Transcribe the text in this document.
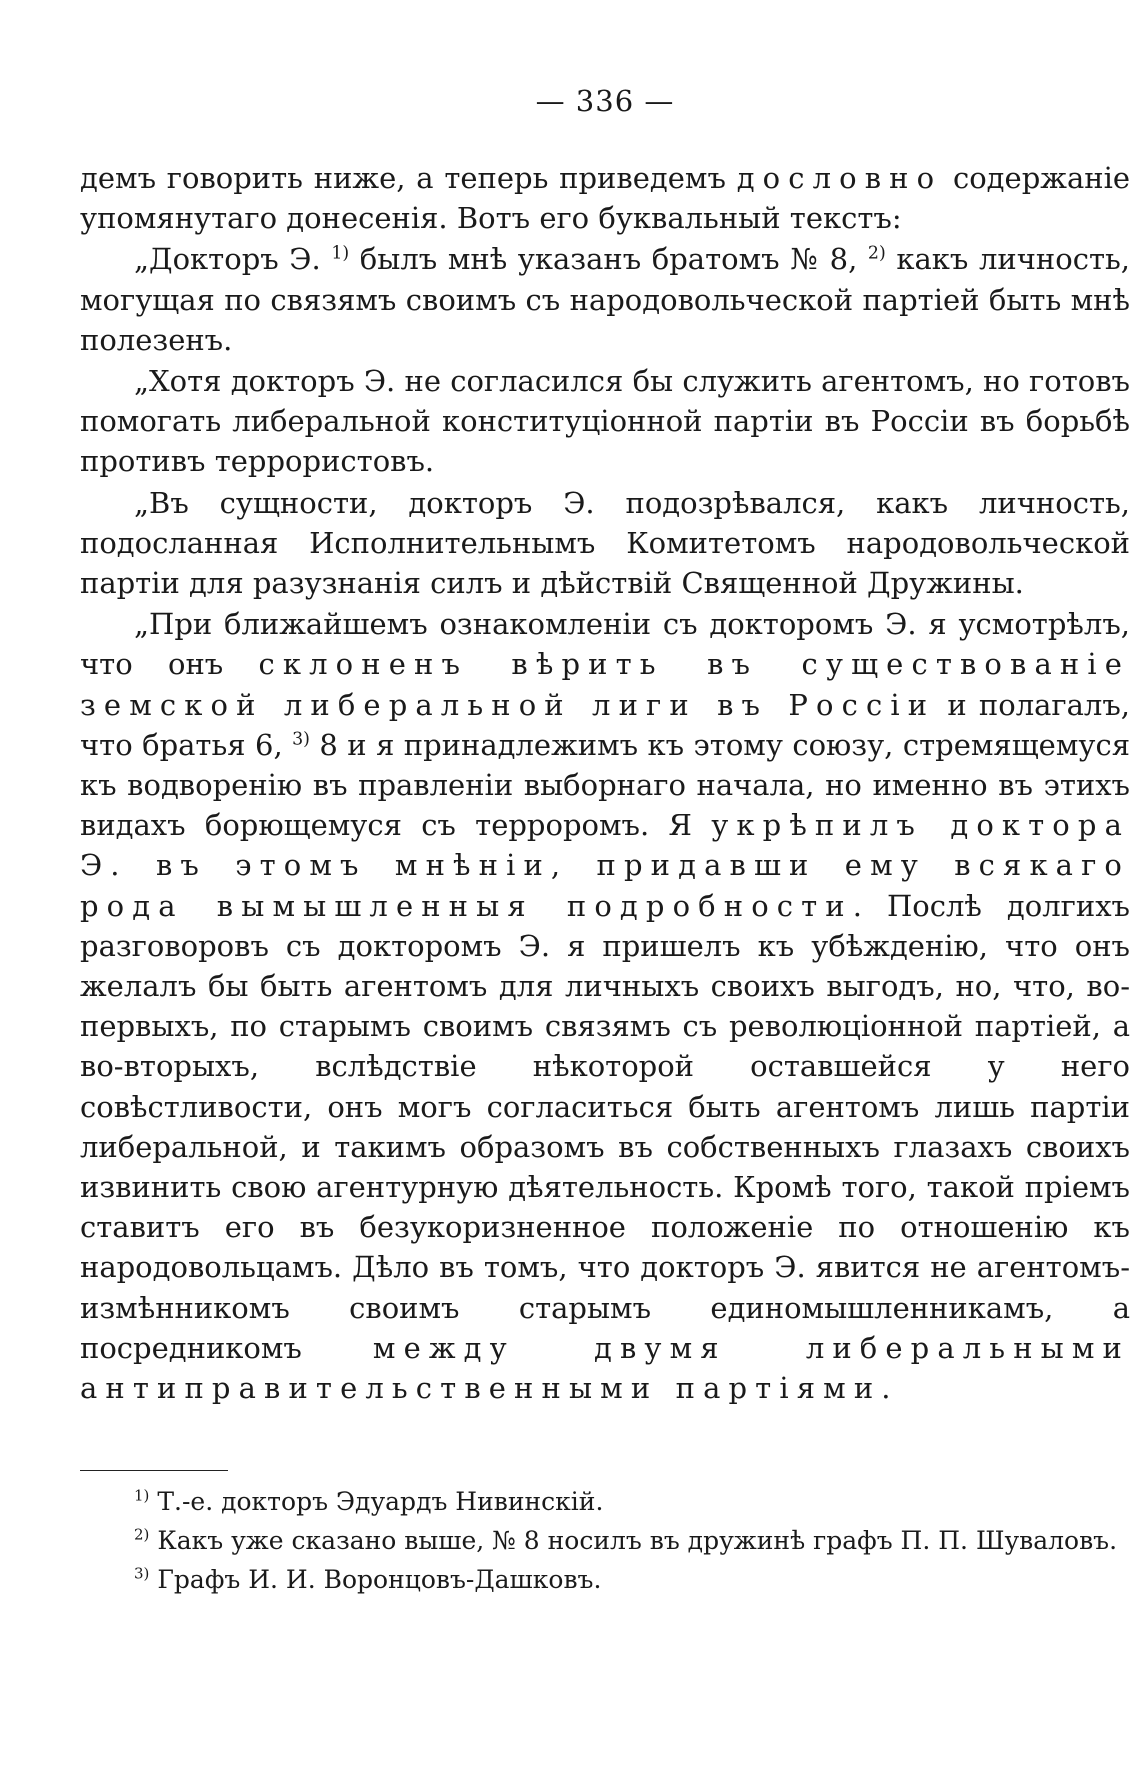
— 336 —

демъ говорить ниже, а теперь приведемъ дословно содержаніе упомянутаго донесенія. Вотъ его буквальный текстъ:

„Докторъ Э. $^{1)}$ былъ мнѣ указанъ братомъ № 8, $^{2)}$ какъ личность, могущая по связямъ своимъ съ народовольческой партіей быть мнѣ полезенъ.

„Хотя докторъ Э. не согласился бы служить агентомъ, но готовъ помогать либеральной конституціонной партіи въ Россіи въ борьбѣ противъ террористовъ.

„Въ сущности, докторъ Э. подозрѣвался, какъ личность, подосланная Исполнительнымъ Комитетомъ народовольческой партіи для разузнанія силъ и дѣйствій Священной Дружины.

„При ближайшемъ ознакомленіи съ докторомъ Э. я усмотрѣлъ, что онъ склоненъ вѣрить въ существованіе земской либеральной лиги въ Россіи и полагалъ, что братья 6, $^{3)}$ 8 и я принадлежимъ къ этому союзу, стремящемуся къ водворенію въ правленіи выборнаго начала, но именно въ этихъ видахъ борющемуся съ терроромъ. Я укрѣпилъ доктора Э. въ этомъ мнѣніи, придавши ему всякаго рода вымышленныя подробности. Послѣ долгихъ разговоровъ съ докторомъ Э. я пришелъ къ убѣжденію, что онъ желалъ бы быть агентомъ для личныхъ своихъ выгодъ, но, что, вопервыхъ, по старымъ своимъ связямъ съ революціонной партіей, а во-вторыхъ, вслѣдствіе нѣкоторой оставшейся у него совѣстливости, онъ могъ согласиться быть агентомъ лишь партіи либеральной, и такимъ образомъ въ собственныхъ глазахъ своихъ извинить свою агентурную дѣятельность. Кромѣ того, такой пріемъ ставитъ его въ безукоризненное положеніе по отношенію къ народовольцамъ. Дѣло въ томъ, что докторъ Э. явится не агентомъ-измѣнникомъ своимъ старымъ единомышленникамъ, а посредникомъ между двумя либеральными антиправительственными партіями.

$^{1)}$ Т.-е. докторъ Эдуардъ Нивинскій.

$^{2)}$ Какъ уже сказано выше, № 8 носилъ въ дружинѣ графъ П. П. Шуваловъ.

$^{3)}$ Графъ И. И. Воронцовъ-Дашковъ.
